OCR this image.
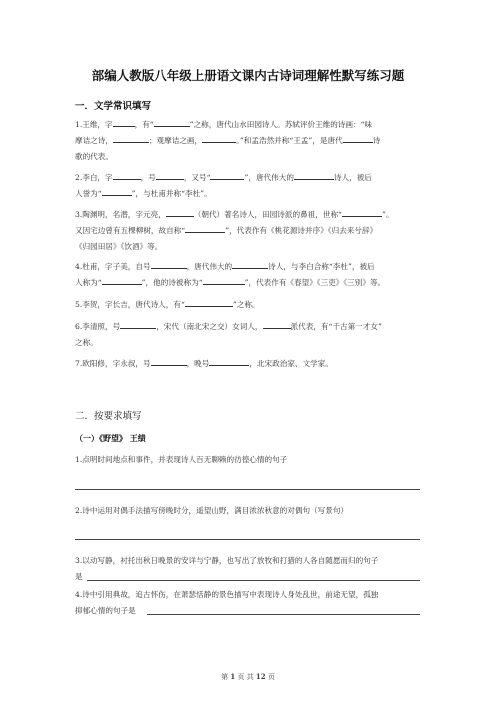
部编人教版八年级上册语文课内古诗词理解性默写练习题
一．文学常识填写
1.王维，字	，有“	”之称，唐代山水田园诗人。苏轼评价王维的诗画：“味
摩诘之诗，	；观摩诘之画，	。”和孟浩然并称“王孟”，是唐代	诗
歌的代表。
2.李白，字	，号	，又号“	”，唐代伟大的	诗人，被后
人誉为“	”，与杜甫并称“李杜”。
3.陶渊明，名潜，字元亮，	（朝代）著名诗人，田园诗派的鼻祖，世称“	”。
又因宅边曾有五棵柳树，故自称“	”，代表作有《桃花源诗并序》《归去来兮辞》
《归园田居》《饮酒》等。
4.杜甫，字子美，自号	，唐代伟大的	诗人，与李白合称“李杜”，被后
人称为“	”，他的诗被称为“	”，代表作有《春望》《三吏》《三别》等。
5.李贺，字长吉，唐代诗人，有“	”之称。
6.李清照，号	，宋代（南北宋之交）女词人，	派代表，有“千古第一才女”
之称。
7.欧阳修，字永叔，号	，晚号	，北宋政治家、文学家。
二．按要求填写
（一）《野望》 王绩
1.点明时间地点和事件，并表现诗人百无聊赖的彷徨心情的句子
2.诗中运用对偶手法描写傍晚时分，遥望山野，满目浓浓秋意的对偶句（写景句）
3.以动写静，衬托出秋日晚景的安详与宁静，也写出了放牧和打猎的人各自随愿而归的句子
是
4.诗中引用典故，追古怀伤，在萧瑟恬静的景色描写中表现诗人身处乱世，前途无望，孤独
抑郁心情的句子是
第 1 页 共 12 页
